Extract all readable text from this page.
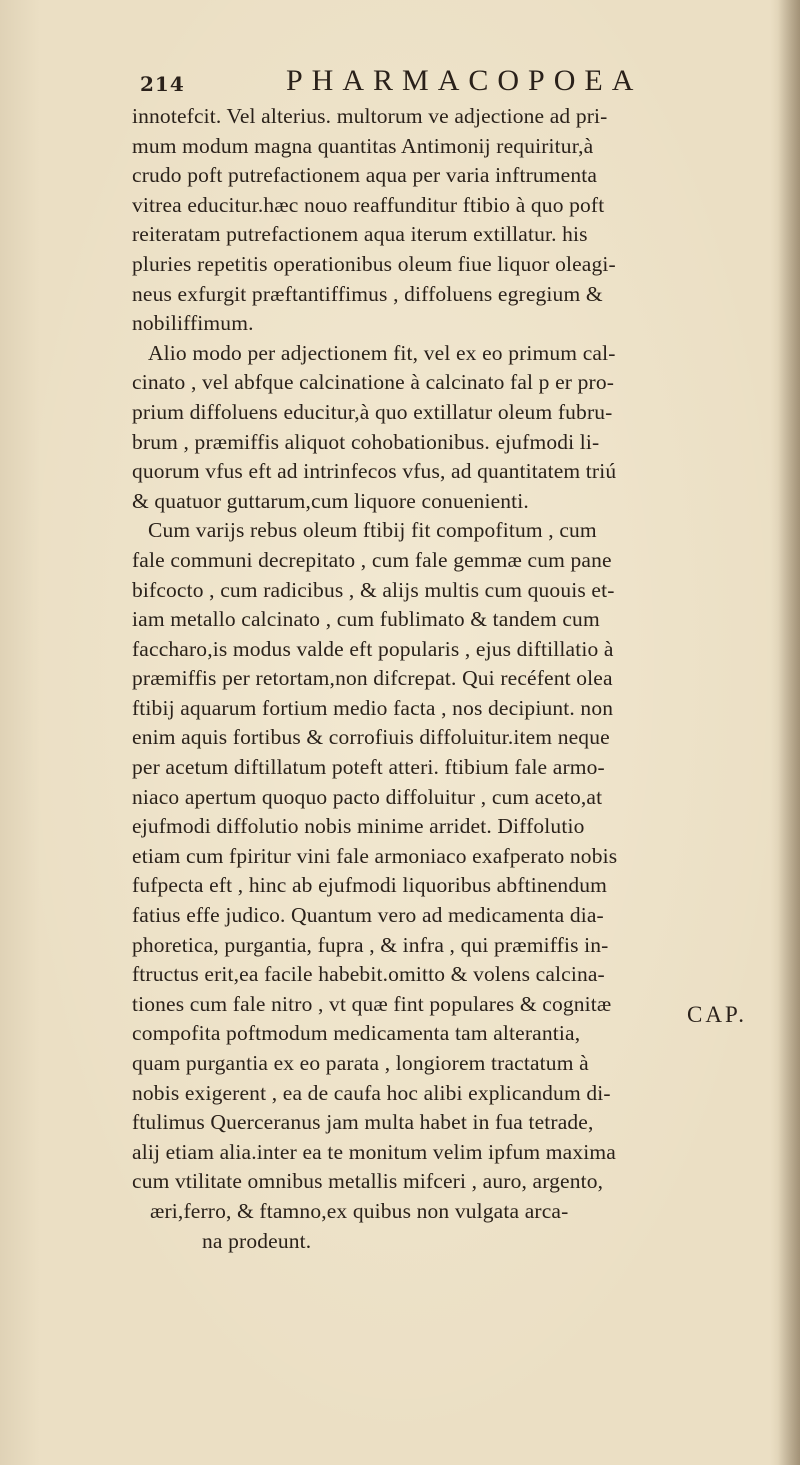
214	PHARMACOPOEA
innotefcit. Vel alterius. multorum ve adjectione ad pri-
mum modum magna quantitas Antimonij requiritur,à
crudo poft putrefactionem aqua per varia inftrumenta
vitrea educitur.hæc nouo reaffunditur ftibio à quo poft
reiteratam putrefactionem aqua iterum extillatur. his
pluries repetitis operationibus oleum fiue liquor oleagi-
neus exfurgit præftantiffimus , diffoluens egregium &
nobiliffimum.
Alio modo per adjectionem fit, vel ex eo primum cal-
cinato , vel abfque calcinatione à calcinato fal p er pro-
prium diffoluens educitur,à quo extillatur oleum fubru-
brum , præmiffis aliquot cohobationibus. ejufmodi li-
quorum vfus eft ad intrinfecos vfus, ad quantitatem triú
& quatuor guttarum,cum liquore conuenienti.
Cum varijs rebus oleum ftibij fit compofitum , cum
fale communi decrepitato , cum fale gemmæ cum pane
bifcocto , cum radicibus , & alijs multis cum quouis et-
iam metallo calcinato , cum fublimato & tandem cum
faccharo,is modus valde eft popularis , ejus diftillatio à
præmiffis per retortam,non difcrepat. Qui recéfent olea
ftibij aquarum fortium medio facta , nos decipiunt. non
enim aquis fortibus & corrofiuis diffoluitur.item neque
per acetum diftillatum poteft atteri. ftibium fale armo-
niaco apertum quoquo pacto diffoluitur , cum aceto,at
ejufmodi diffolutio nobis minime arridet. Diffolutio
etiam cum fpiritur vini fale armoniaco exafperato nobis
fufpecta eft , hinc ab ejufmodi liquoribus abftinendum
fatius effe judico. Quantum vero ad medicamenta dia-
phoretica, purgantia, fupra , & infra , qui præmiffis in-
ftructus erit,ea facile habebit.omitto & volens calcina-
tiones cum fale nitro , vt quæ fint populares & cognitæ
compofita poftmodum medicamenta tam alterantia,
quam purgantia ex eo parata , longiorem tractatum à
nobis exigerent , ea de caufa hoc alibi explicandum di-
ftulimus Querceranus jam multa habet in fua tetrade,
alij etiam alia.inter ea te monitum velim ipfum maxima
cum vtilitate omnibus metallis mifceri , auro, argento,
æri,ferro, & ftamno,ex quibus non vulgata arca-
na prodeunt.
CAP.
